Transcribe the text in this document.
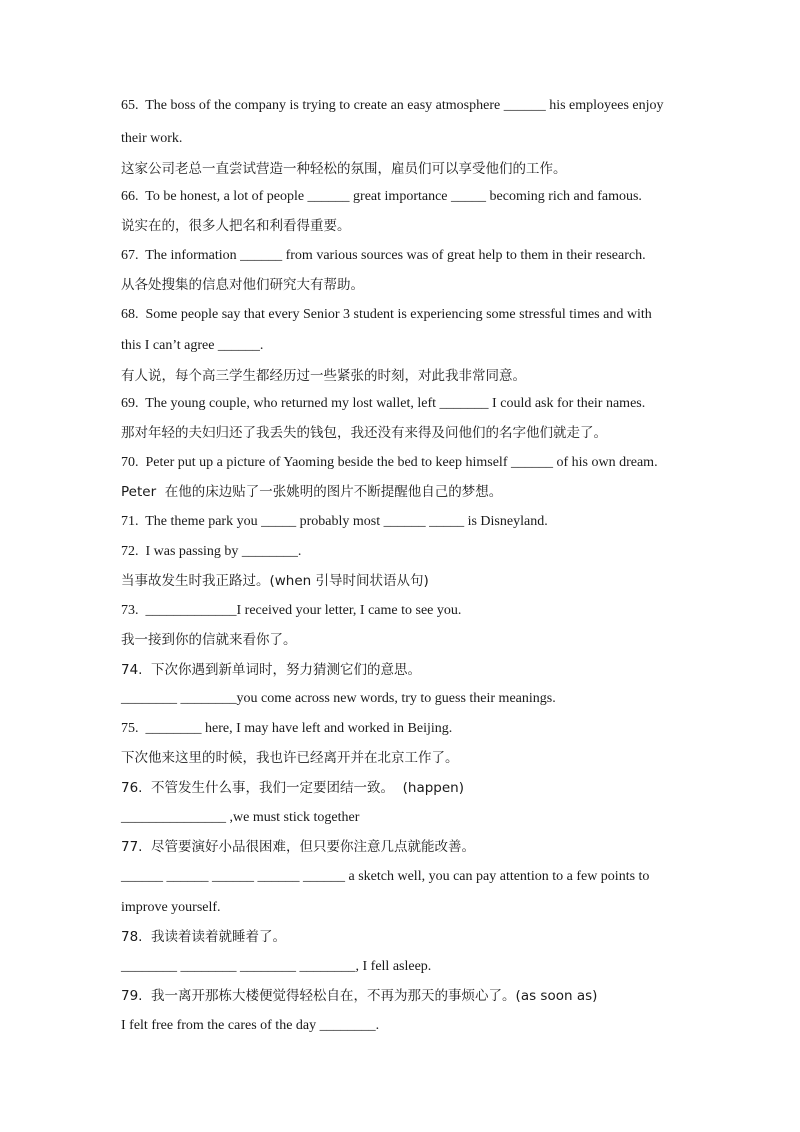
65.  The boss of the company is trying to create an easy atmosphere ______ his employees enjoy
their work.
这家公司老总一直尝试营造一种轻松的氛围，雇员们可以享受他们的工作。
66.  To be honest, a lot of people ______ great importance _____ becoming rich and famous.
说实在的，很多人把名和利看得重要。
67.  The information ______ from various sources was of great help to them in their research.
从各处搜集的信息对他们研究大有帮助。
68.  Some people say that every Senior 3 student is experiencing some stressful times and with
this I can’t agree ______.
有人说，每个高三学生都经历过一些紧张的时刻，对此我非常同意。
69.  The young couple, who returned my lost wallet, left _______ I could ask for their names.
那对年轻的夫妇归还了我丢失的钱包，我还没有来得及问他们的名字他们就走了。
70.  Peter put up a picture of Yaoming beside the bed to keep himself ______ of his own dream.
Peter  在他的床边贴了一张姚明的图片不断提醒他自己的梦想。
71.  The theme park you _____ probably most ______ _____ is Disneyland.
72.  I was passing by ________.
当事故发生时我正路过。(when 引导时间状语从句)
73.  _____________I received your letter, I came to see you.
我一接到你的信就来看你了。
74.  下次你遇到新单词时，努力猜测它们的意思。
________ ________you come across new words, try to guess their meanings.
75.  ________ here, I may have left and worked in Beijing.
下次他来这里的时候，我也许已经离开并在北京工作了。
76.  不管发生什么事，我们一定要团结一致。  (happen)
_______________ ,we must stick together
77.  尽管要演好小品很困难，但只要你注意几点就能改善。
______ ______ ______ ______ ______ a sketch well, you can pay attention to a few points to
improve yourself.
78.  我读着读着就睡着了。
________ ________ ________ ________, I fell asleep.
79.  我一离开那栋大楼便觉得轻松自在，不再为那天的事烦心了。(as soon as)
I felt free from the cares of the day ________.
